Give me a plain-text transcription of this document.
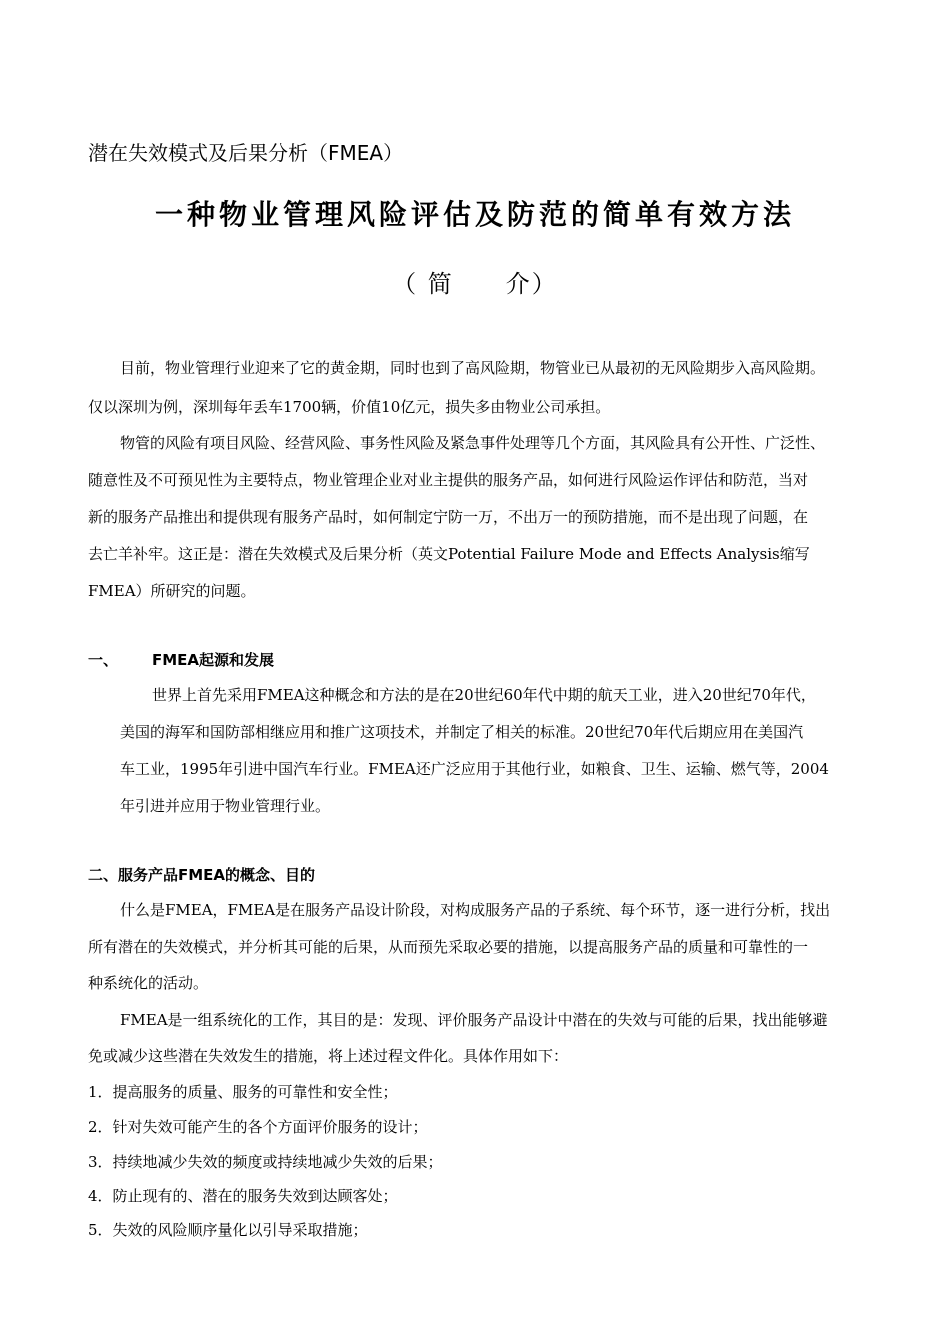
潜在失效模式及后果分析（FMEA）
一种物业管理风险评估及防范的简单有效方法
（ 简　　介）
目前，物业管理行业迎来了它的黄金期，同时也到了高风险期，物管业已从最初的无风险期步入高风险期。
仅以深圳为例，深圳每年丢车1700辆，价值10亿元，损失多由物业公司承担。
物管的风险有项目风险、经营风险、事务性风险及紧急事件处理等几个方面，其风险具有公开性、广泛性、
随意性及不可预见性为主要特点，物业管理企业对业主提供的服务产品，如何进行风险运作评估和防范，当对
新的服务产品推出和提供现有服务产品时，如何制定宁防一万，不出万一的预防措施，而不是出现了问题，在
去亡羊补牢。这正是：潜在失效模式及后果分析（英文Potential Failure Mode and Effects Analysis缩写
FMEA）所研究的问题。
一、 FMEA起源和发展
世界上首先采用FMEA这种概念和方法的是在20世纪60年代中期的航天工业，进入20世纪70年代，
美国的海军和国防部相继应用和推广这项技术，并制定了相关的标准。20世纪70年代后期应用在美国汽
车工业，1995年引进中国汽车行业。FMEA还广泛应用于其他行业，如粮食、卫生、运输、燃气等，2004
年引进并应用于物业管理行业。
二、服务产品FMEA的概念、目的
什么是FMEA，FMEA是在服务产品设计阶段，对构成服务产品的子系统、每个环节，逐一进行分析，找出
所有潜在的失效模式，并分析其可能的后果，从而预先采取必要的措施，以提高服务产品的质量和可靠性的一
种系统化的活动。
FMEA是一组系统化的工作，其目的是：发现、评价服务产品设计中潜在的失效与可能的后果，找出能够避
免或减少这些潜在失效发生的措施，将上述过程文件化。具体作用如下：
1．提高服务的质量、服务的可靠性和安全性；
2．针对失效可能产生的各个方面评价服务的设计；
3．持续地减少失效的频度或持续地减少失效的后果；
4．防止现有的、潜在的服务失效到达顾客处；
5．失效的风险顺序量化以引导采取措施；
